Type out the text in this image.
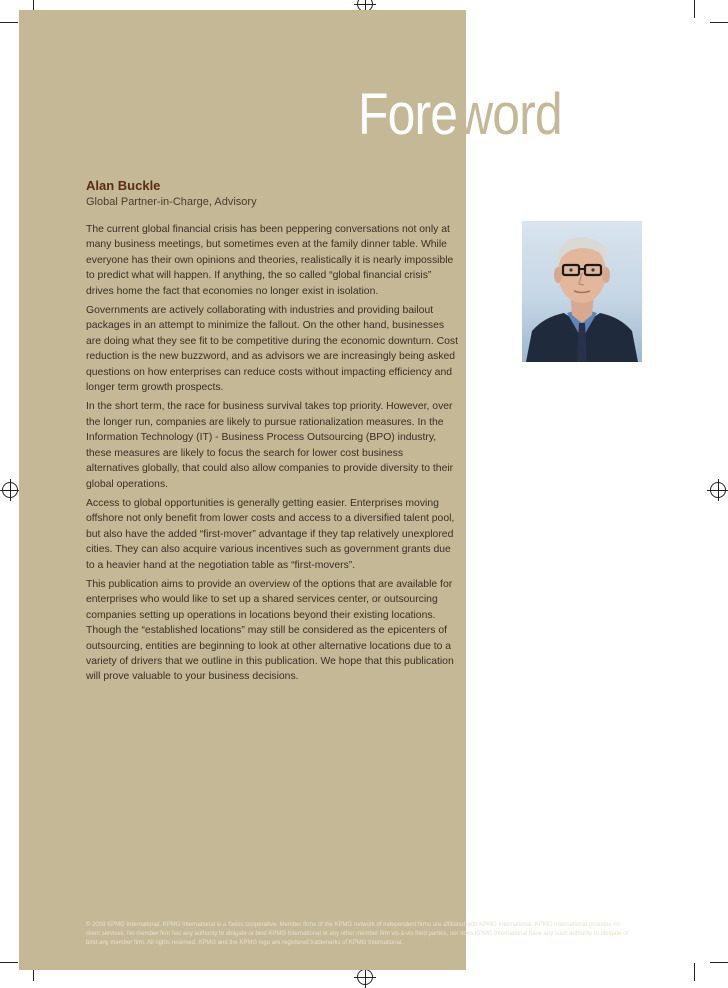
Foreword
Alan Buckle

Global Partner-in-Charge, Advisory

The current global financial crisis has been peppering conversations not only at many business meetings, but sometimes even at the family dinner table. While everyone has their own opinions and theories, realistically it is nearly impossible to predict what will happen. If anything, the so called “global financial crisis” drives home the fact that economies no longer exist in isolation.

Governments are actively collaborating with industries and providing bailout packages in an attempt to minimize the fallout. On the other hand, businesses are doing what they see fit to be competitive during the economic downturn. Cost reduction is the new buzzword, and as advisors we are increasingly being asked questions on how enterprises can reduce costs without impacting efficiency and longer term growth prospects.

In the short term, the race for business survival takes top priority. However, over the longer run, companies are likely to pursue rationalization measures. In the Information Technology (IT) - Business Process Outsourcing (BPO) industry, these measures are likely to focus the search for lower cost business alternatives globally, that could also allow companies to provide diversity to their global operations.

Access to global opportunities is generally getting easier. Enterprises moving offshore not only benefit from lower costs and access to a diversified talent pool, but also have the added “first-mover” advantage if they tap relatively unexplored cities. They can also acquire various incentives such as government grants due to a heavier hand at the negotiation table as “first-movers”.

This publication aims to provide an overview of the options that are available for enterprises who would like to set up a shared services center, or outsourcing companies setting up operations in locations beyond their existing locations. Though the “established locations” may still be considered as the epicenters of outsourcing, entities are beginning to look at other alternative locations due to a variety of drivers that we outline in this publication. We hope that this publication will prove valuable to your business decisions.

© 2009 KPMG International. KPMG International is a Swiss cooperative. Member firms of the KPMG network of independent firms are affiliated with KPMG International. KPMG International provides no client services. No member firm has any authority to obligate or bind KPMG International or any other member firm vis-à-vis third parties, nor does KPMG International have any such authority to obligate or bind any member firm. All rights reserved. KPMG and the KPMG logo are registered trademarks of KPMG International.
